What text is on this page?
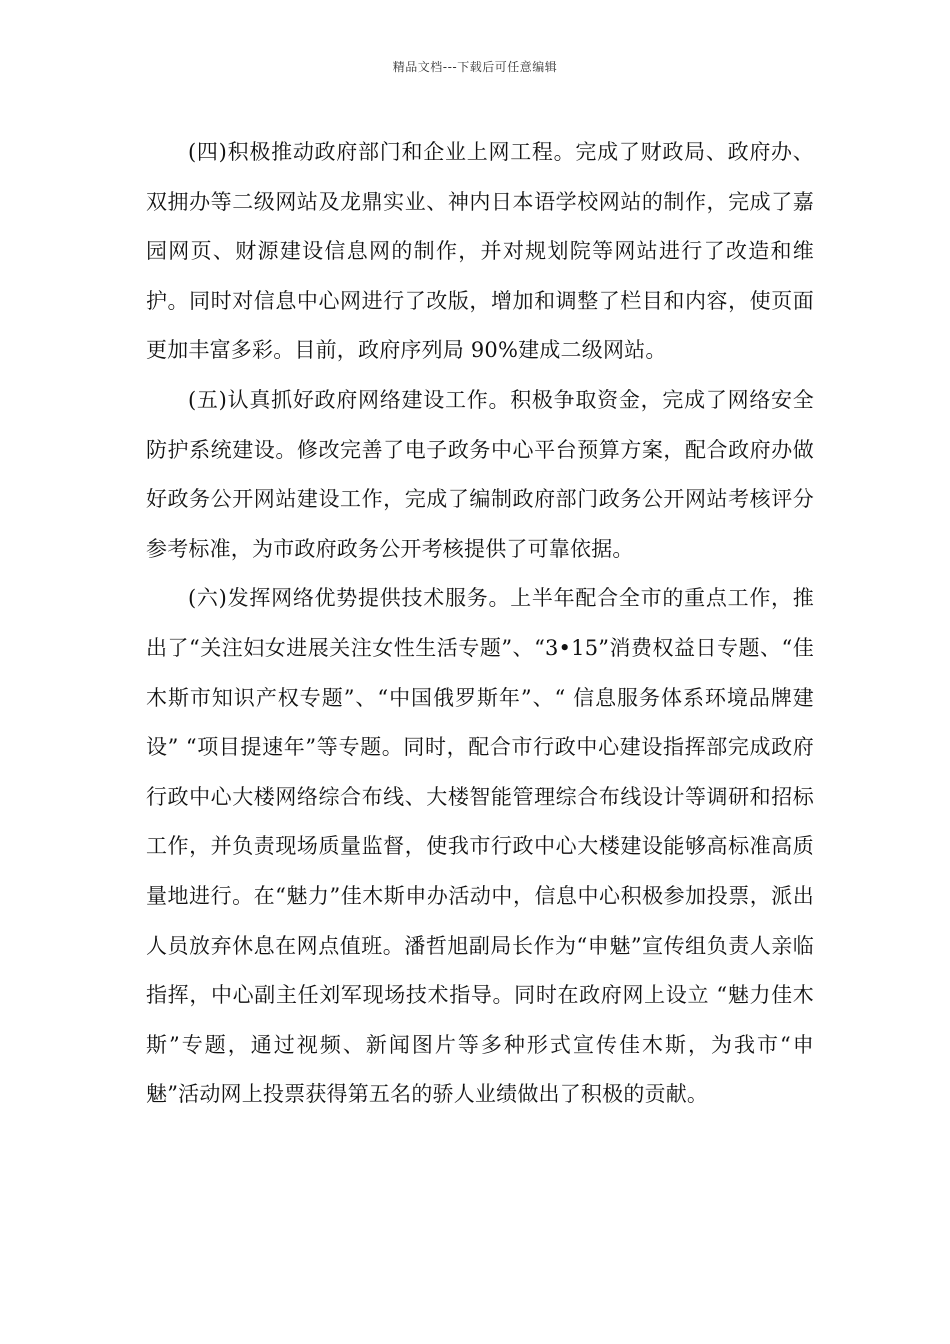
精品文档---下载后可任意编辑

(四)积极推动政府部门和企业上网工程。完成了财政局、政府办、双拥办等二级网站及龙鼎实业、神内日本语学校网站的制作，完成了嘉园网页、财源建设信息网的制作，并对规划院等网站进行了改造和维护。同时对信息中心网进行了改版，增加和调整了栏目和内容，使页面更加丰富多彩。目前，政府序列局 90%建成二级网站。

(五)认真抓好政府网络建设工作。积极争取资金，完成了网络安全防护系统建设。修改完善了电子政务中心平台预算方案，配合政府办做好政务公开网站建设工作，完成了编制政府部门政务公开网站考核评分参考标准，为市政府政务公开考核提供了可靠依据。

(六)发挥网络优势提供技术服务。上半年配合全市的重点工作，推出了“关注妇女进展关注女性生活专题”、“3•15”消费权益日专题、“佳木斯市知识产权专题”、“中国俄罗斯年”、“ 信息服务体系环境品牌建设” “项目提速年”等专题。同时，配合市行政中心建设指挥部完成政府行政中心大楼网络综合布线、大楼智能管理综合布线设计等调研和招标工作，并负责现场质量监督，使我市行政中心大楼建设能够高标准高质量地进行。在“魅力”佳木斯申办活动中，信息中心积极参加投票，派出人员放弃休息在网点值班。潘哲旭副局长作为“申魅”宣传组负责人亲临指挥，中心副主任刘军现场技术指导。同时在政府网上设立 “魅力佳木斯”专题，通过视频、新闻图片等多种形式宣传佳木斯，为我市“申魅”活动网上投票获得第五名的骄人业绩做出了积极的贡献。
